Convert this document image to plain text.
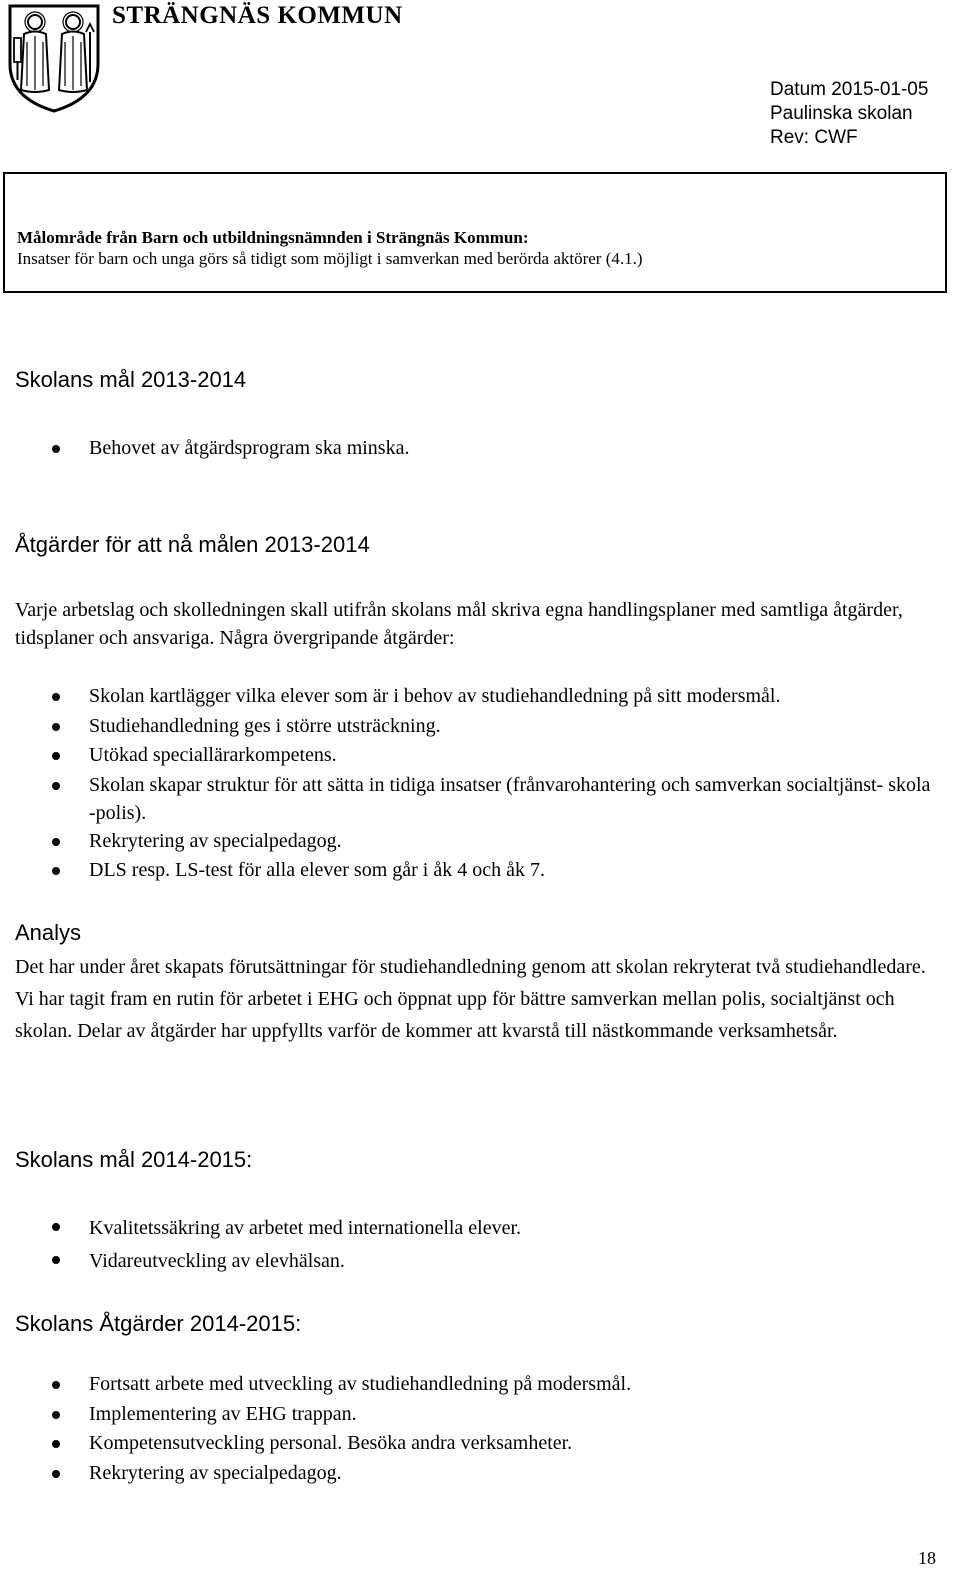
STRÄNGNÄS KOMMUN
Datum 2015-01-05
Paulinska skolan
Rev: CWF
Målområde från Barn och utbildningsnämnden i Strängnäs Kommun:
Insatser för barn och unga görs så tidigt som möjligt i samverkan med berörda aktörer (4.1.)
Skolans mål 2013-2014
Behovet av åtgärdsprogram ska minska.
Åtgärder för att nå målen 2013-2014

Varje arbetslag och skolledningen skall utifrån skolans mål skriva egna handlingsplaner med samtliga åtgärder, tidsplaner och ansvariga. Några övergripande åtgärder:

Skolan kartlägger vilka elever som är i behov av studiehandledning på sitt modersmål.
Studiehandledning ges i större utsträckning.
Utökad speciallärarkompetens.
Skolan skapar struktur för att sätta in tidiga insatser (frånvarohantering och samverkan socialtjänst- skola -polis).
Rekrytering av specialpedagog.
DLS resp. LS-test för alla elever som går i åk 4 och åk 7.
Analys

Det har under året skapats förutsättningar för studiehandledning genom att skolan rekryterat två studiehandledare. Vi har tagit fram en rutin för arbetet i EHG och öppnat upp för bättre samverkan mellan polis, socialtjänst och skolan. Delar av åtgärder har uppfyllts varför de kommer att kvarstå till nästkommande verksamhetsår.

Skolans mål 2014-2015:
Kvalitetssäkring av arbetet med internationella elever.
Vidareutveckling av elevhälsan.
Skolans Åtgärder 2014-2015:
Fortsatt arbete med utveckling av studiehandledning på modersmål.
Implementering av EHG trappan.
Kompetensutveckling personal. Besöka andra verksamheter.
Rekrytering av specialpedagog.
18
